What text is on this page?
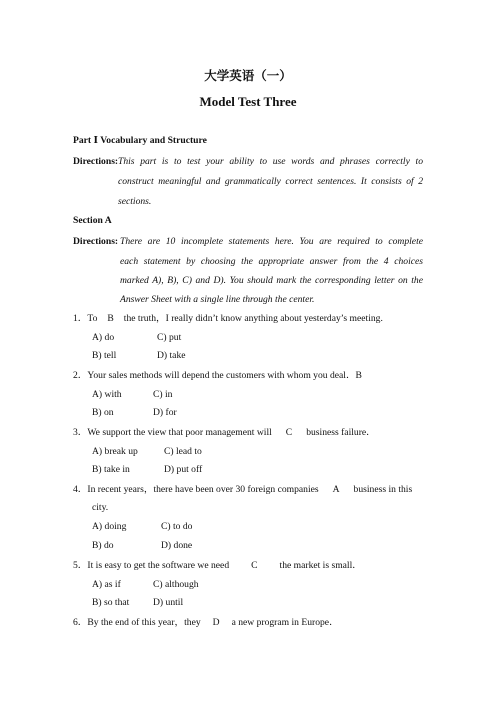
大学英语（一）
Model Test Three
Part Ⅰ Vocabulary and Structure
Directions: This part is to test your ability to use words and phrases correctly to
construct meaningful and grammatically correct sentences. It consists of 2
sections.
Section A
Directions: There are 10 incomplete statements here. You are required to complete
each statement by choosing the appropriate answer from the 4 choices
marked A), B), C) and D). You should mark the corresponding letter on the
Answer Sheet with a single line through the center.
1．To B the truth，I really didn’t know anything about yesterday’s meeting.
A) do	C) put
B) tell	D) take
2．Your sales methods will depend the customers with whom you deal．B
A) with	C) in
B) on	D) for
3．We support the view that poor management will C business failure．
A) break up	C) lead to
B) take in	D) put off
4．In recent years，there have been over 30 foreign companies A business in this
city.
A) doing	C) to do
B) do	D) done
5．It is easy to get the software we need C the market is small．
A) as if	C) although
B) so that D) until
6．By the end of this year，they D a new program in Europe．
